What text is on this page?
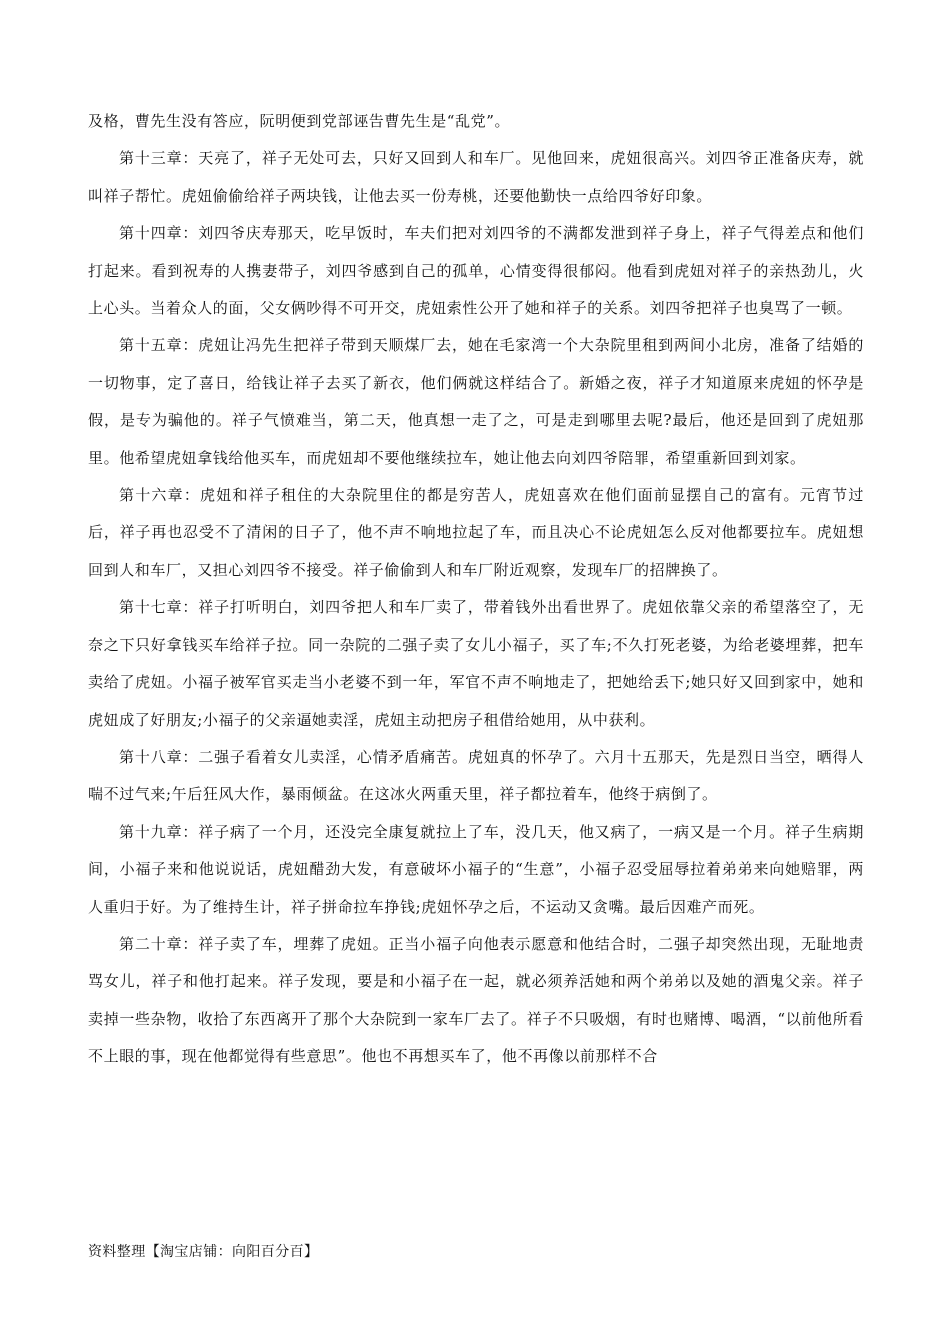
及格，曹先生没有答应，阮明便到党部诬告曹先生是“乱党”。

第十三章：天亮了，祥子无处可去，只好又回到人和车厂。见他回来，虎妞很高兴。刘四爷正准备庆寿，就叫祥子帮忙。虎妞偷偷给祥子两块钱，让他去买一份寿桃，还要他勤快一点给四爷好印象。

第十四章：刘四爷庆寿那天，吃早饭时，车夫们把对刘四爷的不满都发泄到祥子身上，祥子气得差点和他们打起来。看到祝寿的人携妻带子，刘四爷感到自己的孤单，心情变得很郁闷。他看到虎妞对祥子的亲热劲儿，火上心头。当着众人的面，父女俩吵得不可开交，虎妞索性公开了她和祥子的关系。刘四爷把祥子也臭骂了一顿。

第十五章：虎妞让冯先生把祥子带到天顺煤厂去，她在毛家湾一个大杂院里租到两间小北房，准备了结婚的一切物事，定了喜日，给钱让祥子去买了新衣，他们俩就这样结合了。新婚之夜，祥子才知道原来虎妞的怀孕是假，是专为骗他的。祥子气愤难当，第二天，他真想一走了之，可是走到哪里去呢?最后，他还是回到了虎妞那里。他希望虎妞拿钱给他买车，而虎妞却不要他继续拉车，她让他去向刘四爷陪罪，希望重新回到刘家。

第十六章：虎妞和祥子租住的大杂院里住的都是穷苦人，虎妞喜欢在他们面前显摆自己的富有。元宵节过后，祥子再也忍受不了清闲的日子了，他不声不响地拉起了车，而且决心不论虎妞怎么反对他都要拉车。虎妞想回到人和车厂，又担心刘四爷不接受。祥子偷偷到人和车厂附近观察，发现车厂的招牌换了。

第十七章：祥子打听明白，刘四爷把人和车厂卖了，带着钱外出看世界了。虎妞依靠父亲的希望落空了，无奈之下只好拿钱买车给祥子拉。同一杂院的二强子卖了女儿小福子，买了车;不久打死老婆，为给老婆埋葬，把车卖给了虎妞。小福子被军官买走当小老婆不到一年，军官不声不响地走了，把她给丢下;她只好又回到家中，她和虎妞成了好朋友;小福子的父亲逼她卖淫，虎妞主动把房子租借给她用，从中获利。

第十八章：二强子看着女儿卖淫，心情矛盾痛苦。虎妞真的怀孕了。六月十五那天，先是烈日当空，晒得人喘不过气来;午后狂风大作，暴雨倾盆。在这冰火两重天里，祥子都拉着车，他终于病倒了。

第十九章：祥子病了一个月，还没完全康复就拉上了车，没几天，他又病了，一病又是一个月。祥子生病期间，小福子来和他说说话，虎妞醋劲大发，有意破坏小福子的“生意”，小福子忍受屈辱拉着弟弟来向她赔罪，两人重归于好。为了维持生计，祥子拼命拉车挣钱;虎妞怀孕之后，不运动又贪嘴。最后因难产而死。

第二十章：祥子卖了车，埋葬了虎妞。正当小福子向他表示愿意和他结合时，二强子却突然出现，无耻地责骂女儿，祥子和他打起来。祥子发现，要是和小福子在一起，就必须养活她和两个弟弟以及她的酒鬼父亲。祥子卖掉一些杂物，收拾了东西离开了那个大杂院到一家车厂去了。祥子不只吸烟，有时也赌博、喝酒，“以前他所看不上眼的事，现在他都觉得有些意思”。他也不再想买车了，他不再像以前那样不合

资料整理【淘宝店铺：向阳百分百】
